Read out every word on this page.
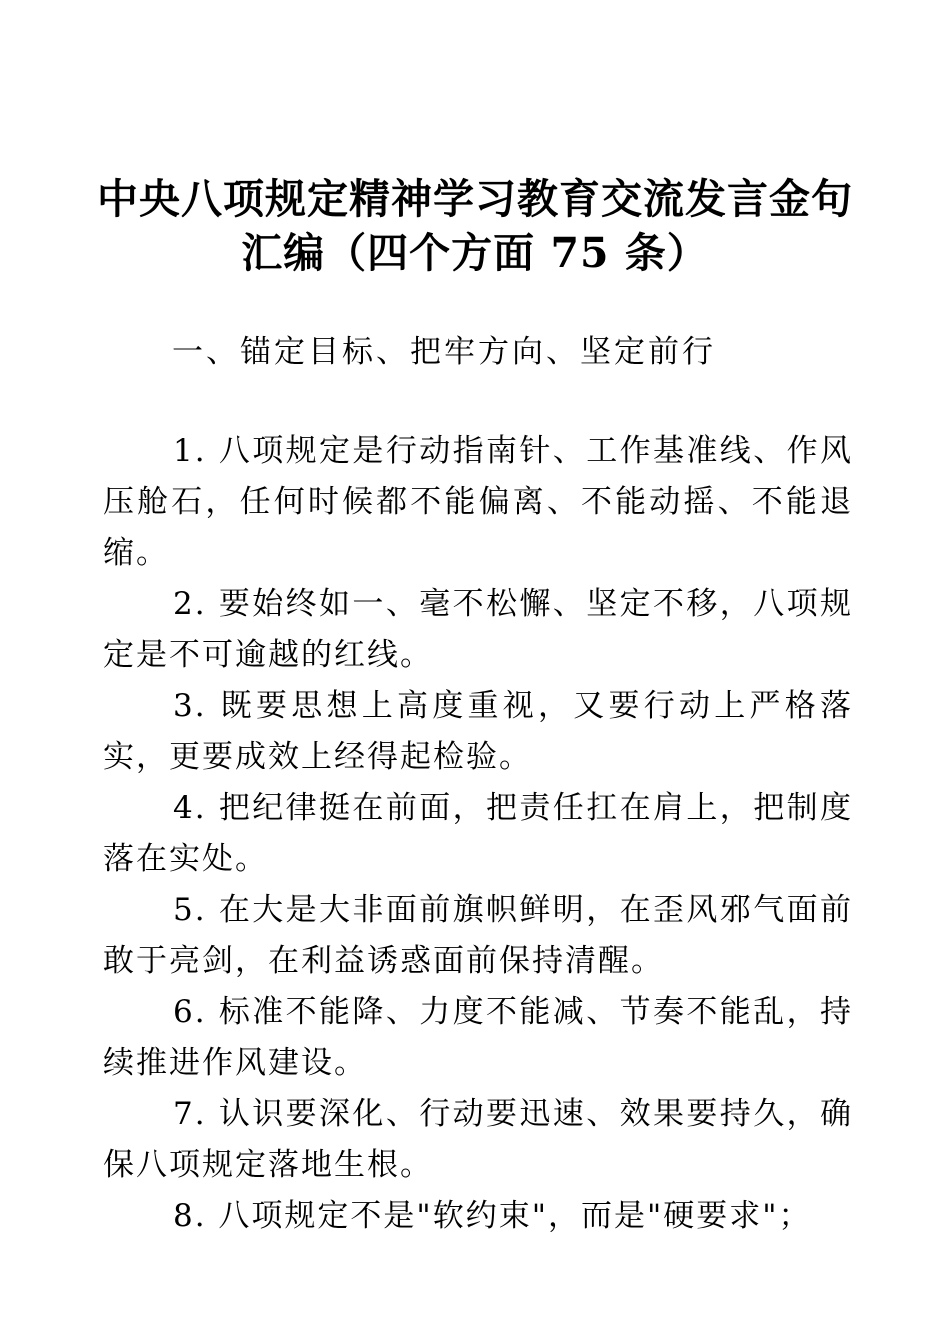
中央八项规定精神学习教育交流发言金句
汇编（四个方面 75 条）
一、锚定目标、把牢方向、坚定前行
1. 八项规定是行动指南针、工作基准线、作风压舱石，任何时候都不能偏离、不能动摇、不能退缩。
2. 要始终如一、毫不松懈、坚定不移，八项规定是不可逾越的红线。
3. 既要思想上高度重视，又要行动上严格落实，更要成效上经得起检验。
4. 把纪律挺在前面，把责任扛在肩上，把制度落在实处。
5. 在大是大非面前旗帜鲜明，在歪风邪气面前敢于亮剑，在利益诱惑面前保持清醒。
6. 标准不能降、力度不能减、节奏不能乱，持续推进作风建设。
7. 认识要深化、行动要迅速、效果要持久，确保八项规定落地生根。
8. 八项规定不是"软约束"，而是"硬要求"；
